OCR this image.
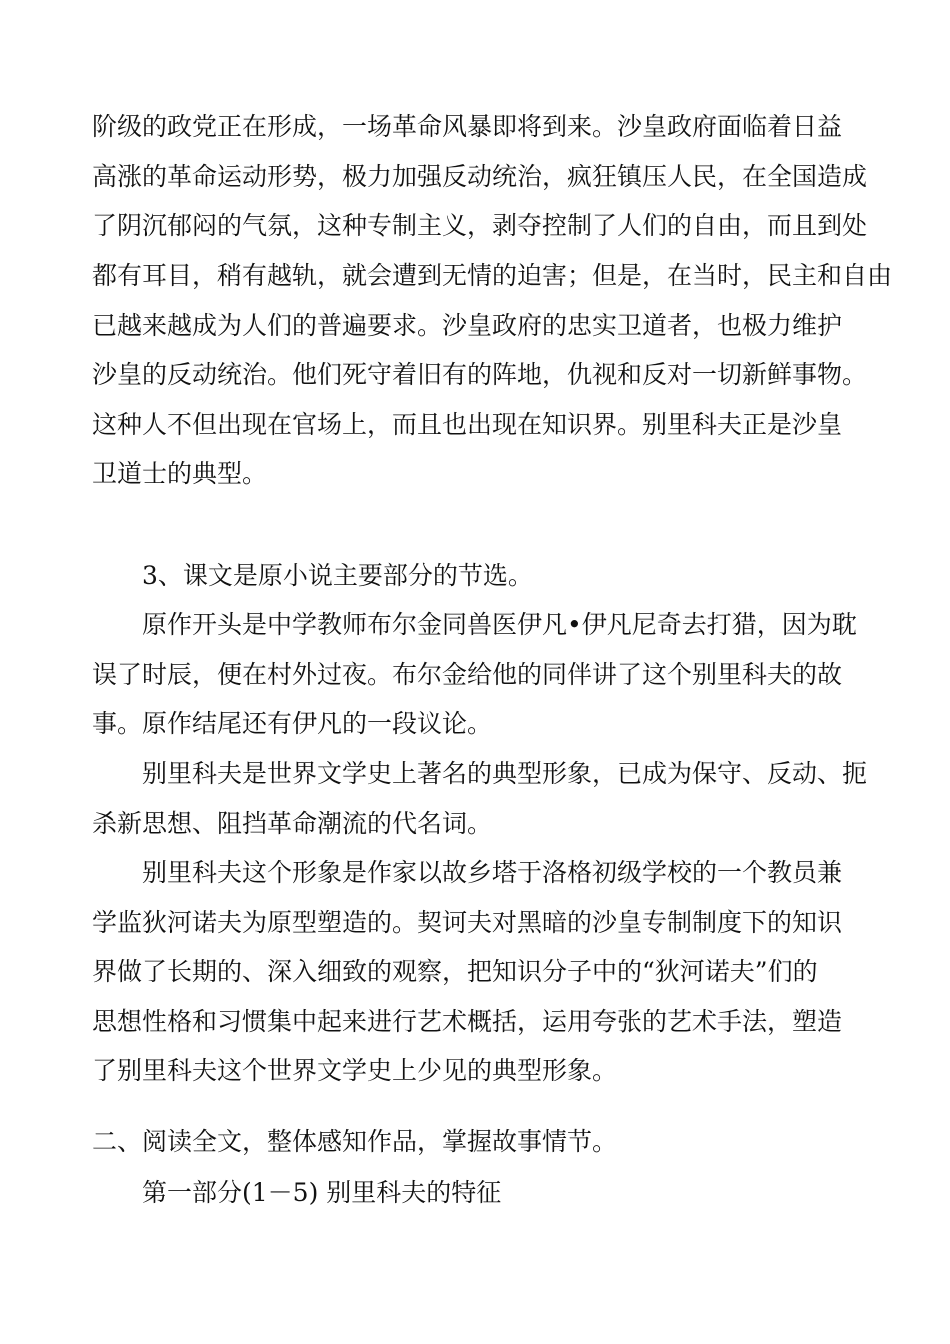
阶级的政党正在形成，一场革命风暴即将到来。沙皇政府面临着日益
高涨的革命运动形势，极力加强反动统治，疯狂镇压人民，在全国造成
了阴沉郁闷的气氛，这种专制主义，剥夺控制了人们的自由，而且到处
都有耳目，稍有越轨，就会遭到无情的迫害；但是，在当时，民主和自由
已越来越成为人们的普遍要求。沙皇政府的忠实卫道者，也极力维护
沙皇的反动统治。他们死守着旧有的阵地，仇视和反对一切新鲜事物。
这种人不但出现在官场上，而且也出现在知识界。别里科夫正是沙皇
卫道士的典型。
3、课文是原小说主要部分的节选。
原作开头是中学教师布尔金同兽医伊凡•伊凡尼奇去打猎，因为耽
误了时辰，便在村外过夜。布尔金给他的同伴讲了这个别里科夫的故
事。原作结尾还有伊凡的一段议论。
别里科夫是世界文学史上著名的典型形象，已成为保守、反动、扼
杀新思想、阻挡革命潮流的代名词。
别里科夫这个形象是作家以故乡塔于洛格初级学校的一个教员兼
学监狄河诺夫为原型塑造的。契诃夫对黑暗的沙皇专制制度下的知识
界做了长期的、深入细致的观察，把知识分子中的“狄河诺夫”们的
思想性格和习惯集中起来进行艺术概括，运用夸张的艺术手法，塑造
了别里科夫这个世界文学史上少见的典型形象。
二、阅读全文，整体感知作品，掌握故事情节。
第一部分(1－5) 别里科夫的特征
